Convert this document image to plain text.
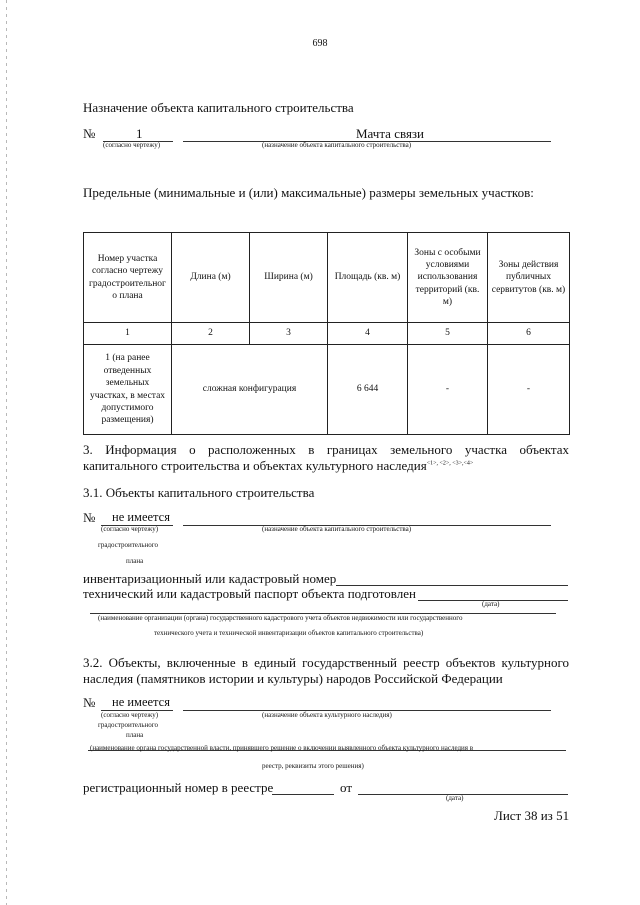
698
Назначение объекта капитального строительства
№	1
(согласно чертежу)
Мачта связи
(назначение объекта капитального строительства)
Предельные (минимальные и (или) максимальные) размеры земельных участков:
Номер участка согласно чертежу градостроительног о плана	Длина (м)	Ширина (м)	Площадь (кв. м)	Зоны с особыми условиями использования территорий (кв. м)	Зоны действия публичных сервитутов (кв. м)
1	2	3	4	5	6
1 (на ранее отведенных земельных участках, в местах допустимого размещения)	сложная конфигурация		6 644	-	-
3. Информация о расположенных в границах земельного участка объектах
капитального строительства и объектах культурного наследия$^{<1>, <2>, <3>,<4>}$
3.1. Объекты капитального строительства
№ не имеется
(согласно чертежу)
градостроительного
плана
(назначение объекта капитального строительства)
инвентаризационный или кадастровый номер
технический или кадастровый паспорт объекта подготовлен
(дата)
(наименование организации (органа) государственного кадастрового учета объектов недвижимости или государственного
технического учета и технической инвентаризации объектов капитального строительства)
3.2. Объекты, включенные в единый государственный реестр объектов культурного
наследия (памятников истории и культуры) народов Российской Федерации
№ не имеется
(согласно чертежу)
градостроительного
плана
(назначение объекта культурного наследия)
(наименование органа государственной власти, принявшего решение о включении выявленного объекта культурного наследия в
реестр, реквизиты этого решения)
регистрационный номер в реестре	от
(дата)
Лист 38 из 51
